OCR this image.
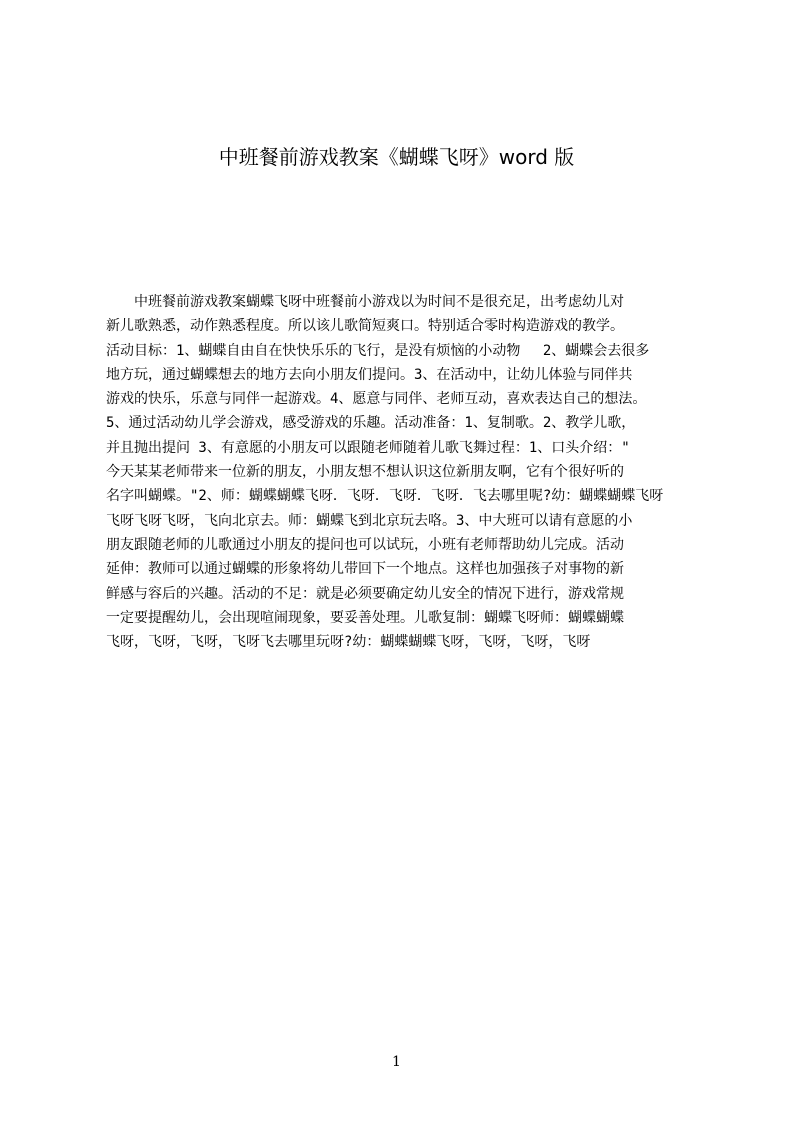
中班餐前游戏教案《蝴蝶飞呀》word 版
　　中班餐前游戏教案蝴蝶飞呀中班餐前小游戏以为时间不是很充足，出考虑幼儿对
新儿歌熟悉，动作熟悉程度。所以该儿歌简短爽口。特别适合零时构造游戏的教学。
活动目标：1、蝴蝶自由自在快快乐乐的飞行，是没有烦恼的小动物　 2、蝴蝶会去很多
地方玩，通过蝴蝶想去的地方去向小朋友们提问。3、在活动中，让幼儿体验与同伴共
游戏的快乐，乐意与同伴一起游戏。4、愿意与同伴、老师互动，喜欢表达自己的想法。
5、通过活动幼儿学会游戏，感受游戏的乐趣。活动准备：1、复制歌。2、教学儿歌，
并且抛出提问 3、有意愿的小朋友可以跟随老师随着儿歌飞舞过程：1、口头介绍："
今天某某老师带来一位新的朋友，小朋友想不想认识这位新朋友啊，它有个很好听的
名字叫蝴蝶。"2、师：蝴蝶蝴蝶飞呀．飞呀．飞呀．飞呀．飞去哪里呢?幼：蝴蝶蝴蝶飞呀
飞呀飞呀飞呀，飞向北京去。师：蝴蝶飞到北京玩去咯。3、中大班可以请有意愿的小
朋友跟随老师的儿歌通过小朋友的提问也可以试玩，小班有老师帮助幼儿完成。活动
延伸：教师可以通过蝴蝶的形象将幼儿带回下一个地点。这样也加强孩子对事物的新
鲜感与容后的兴趣。活动的不足：就是必须要确定幼儿安全的情况下进行，游戏常规
一定要提醒幼儿，会出现喧闹现象，要妥善处理。儿歌复制：蝴蝶飞呀师：蝴蝶蝴蝶
飞呀，飞呀，飞呀，飞呀飞去哪里玩呀?幼：蝴蝶蝴蝶飞呀，飞呀，飞呀，飞呀
1
